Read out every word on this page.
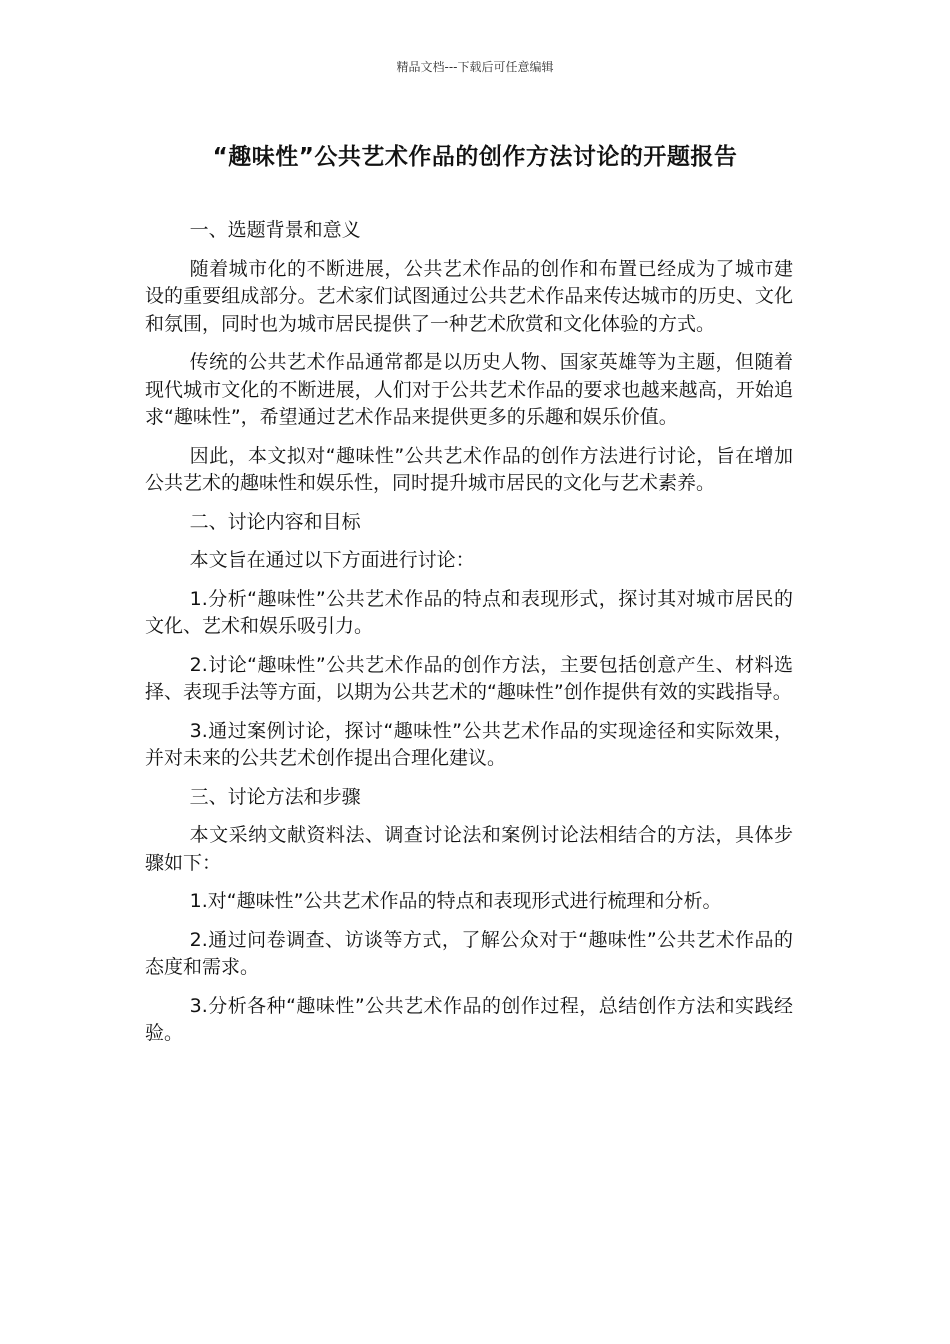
精品文档---下载后可任意编辑
“趣味性”公共艺术作品的创作方法讨论的开题报告

一、选题背景和意义

随着城市化的不断进展，公共艺术作品的创作和布置已经成为了城市建设的重要组成部分。艺术家们试图通过公共艺术作品来传达城市的历史、文化和氛围，同时也为城市居民提供了一种艺术欣赏和文化体验的方式。

传统的公共艺术作品通常都是以历史人物、国家英雄等为主题，但随着现代城市文化的不断进展，人们对于公共艺术作品的要求也越来越高，开始追求“趣味性”，希望通过艺术作品来提供更多的乐趣和娱乐价值。

因此，本文拟对“趣味性”公共艺术作品的创作方法进行讨论，旨在增加公共艺术的趣味性和娱乐性，同时提升城市居民的文化与艺术素养。

二、讨论内容和目标

本文旨在通过以下方面进行讨论：

1.分析“趣味性”公共艺术作品的特点和表现形式，探讨其对城市居民的文化、艺术和娱乐吸引力。

2.讨论“趣味性”公共艺术作品的创作方法，主要包括创意产生、材料选择、表现手法等方面，以期为公共艺术的“趣味性”创作提供有效的实践指导。

3.通过案例讨论，探讨“趣味性”公共艺术作品的实现途径和实际效果，并对未来的公共艺术创作提出合理化建议。

三、讨论方法和步骤

本文采纳文献资料法、调查讨论法和案例讨论法相结合的方法，具体步骤如下：

1.对“趣味性”公共艺术作品的特点和表现形式进行梳理和分析。

2.通过问卷调查、访谈等方式，了解公众对于“趣味性”公共艺术作品的态度和需求。

3.分析各种“趣味性”公共艺术作品的创作过程，总结创作方法和实践经验。
